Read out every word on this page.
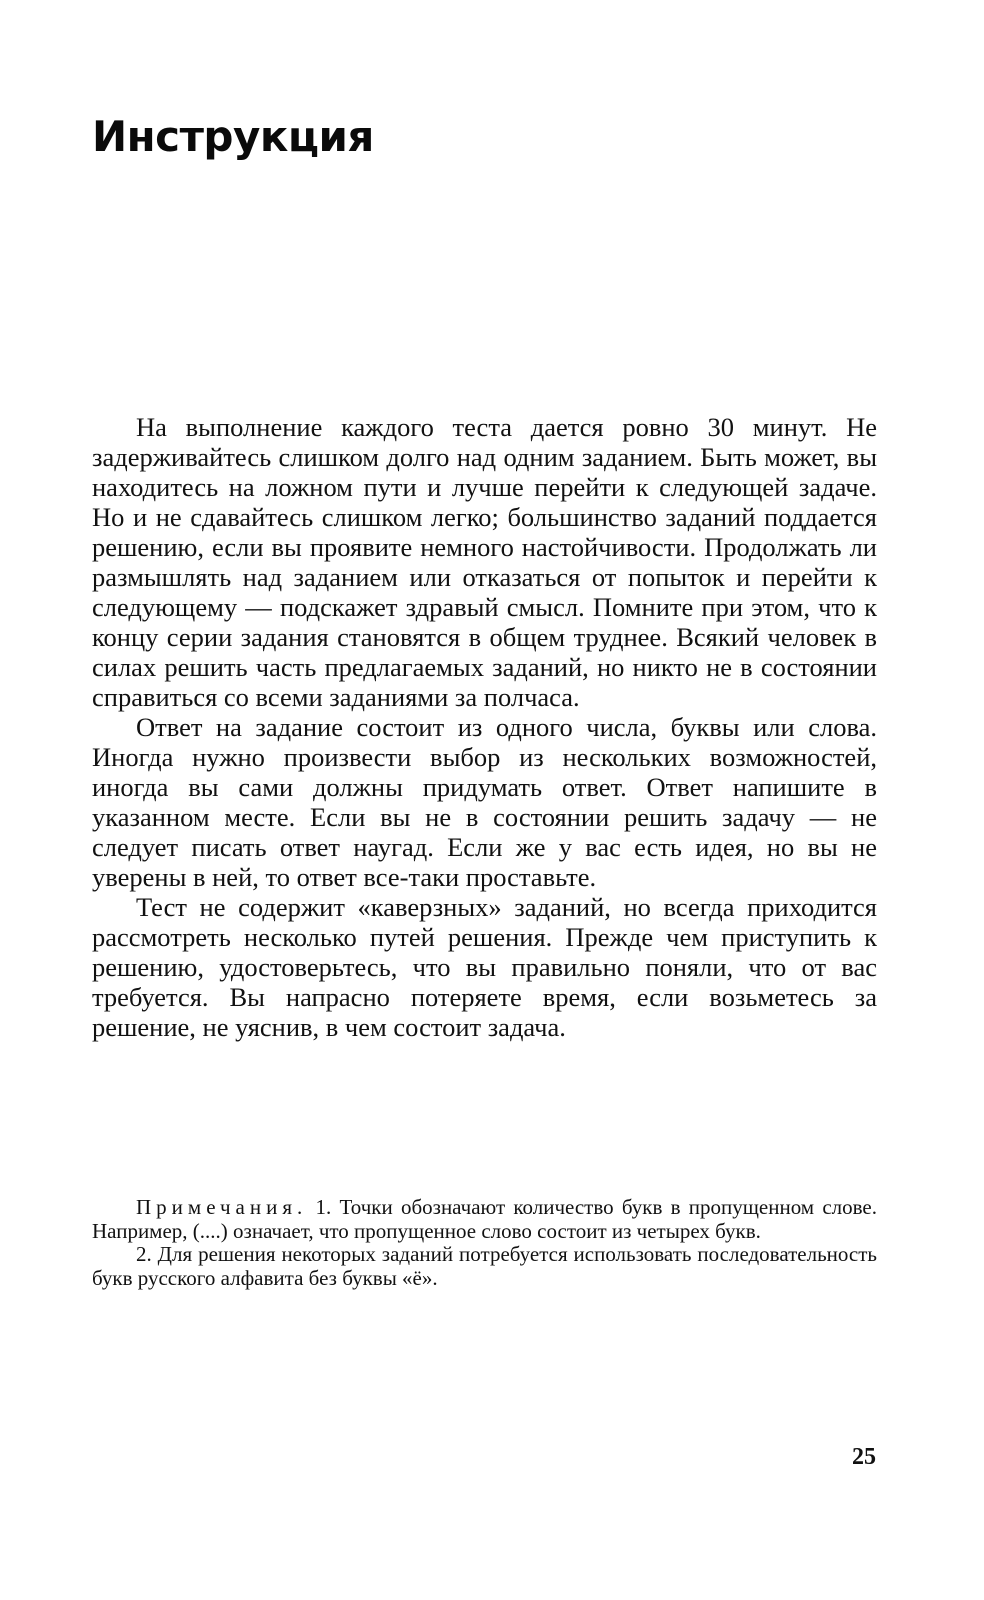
Инструкция

На выполнение каждого теста дается ровно 30 минут. Не задерживайтесь слишком долго над одним заданием. Быть может, вы находитесь на ложном пути и лучше перейти к следующей задаче. Но и не сдавайтесь слишком легко; большинство заданий поддается решению, если вы проявите немного настойчивости. Продолжать ли размышлять над заданием или отказаться от попыток и перейти к следующему — подскажет здравый смысл. Помните при этом, что к концу серии задания становятся в общем труднее. Всякий человек в силах решить часть предлагаемых заданий, но никто не в состоянии справиться со всеми заданиями за полчаса.

Ответ на задание состоит из одного числа, буквы или слова. Иногда нужно произвести выбор из нескольких возможностей, иногда вы сами должны придумать ответ. Ответ напишите в указанном месте. Если вы не в состоянии решить задачу — не следует писать ответ наугад. Если же у вас есть идея, но вы не уверены в ней, то ответ все-таки проставьте.

Тест не содержит «каверзных» заданий, но всегда приходится рассмотреть несколько путей решения. Прежде чем приступить к решению, удостоверьтесь, что вы правильно поняли, что от вас требуется. Вы напрасно потеряете время, если возьметесь за решение, не уяснив, в чем состоит задача.

Примечания. 1. Точки обозначают количество букв в пропущенном слове. Например, (....) означает, что пропущенное слово состоит из четырех букв.

2. Для решения некоторых заданий потребуется использовать последовательность букв русского алфавита без буквы «ё».

25
